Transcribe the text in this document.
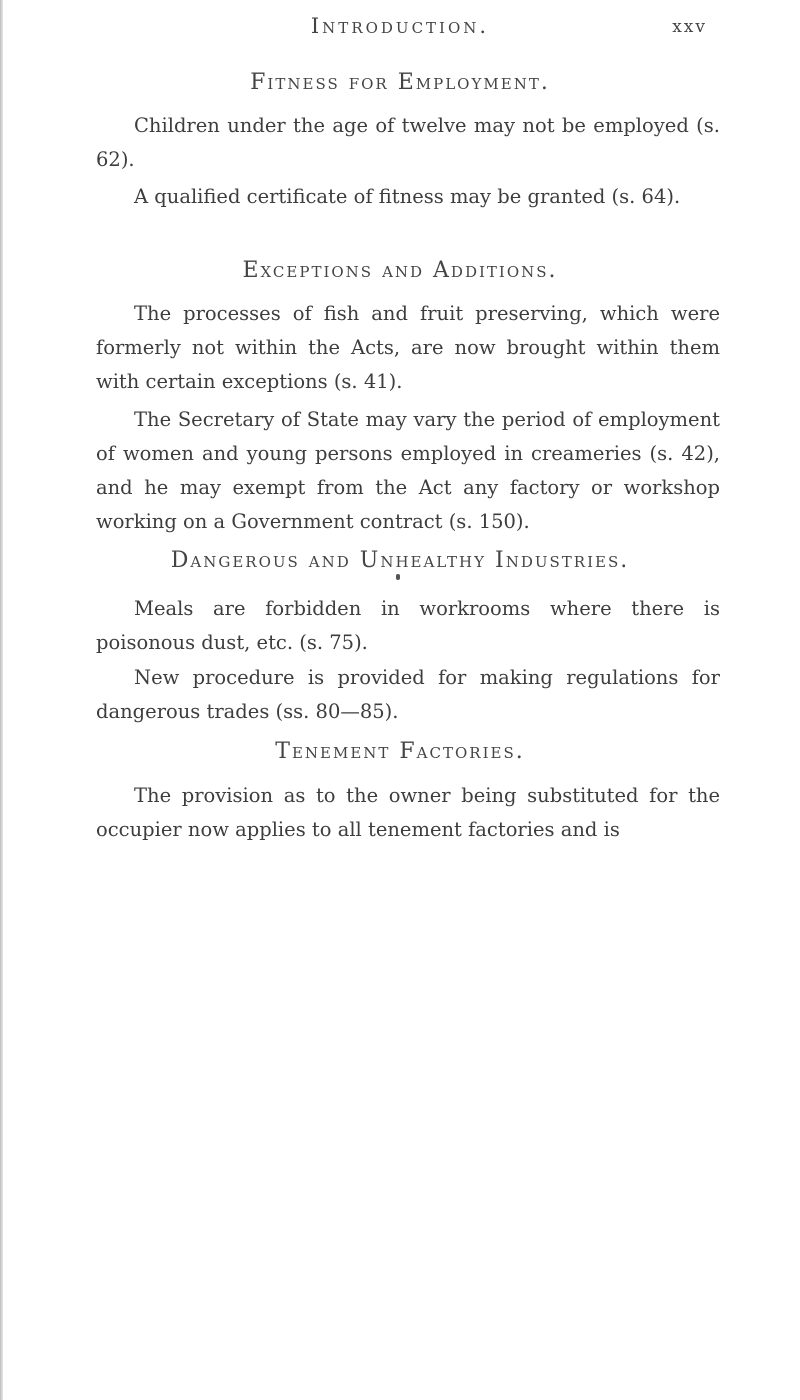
Introduction.	xxv
Fitness for Employment.

Children under the age of twelve may not be employed (s. 62).

A qualified certificate of fitness may be granted (s. 64).

Exceptions and Additions.

The processes of fish and fruit preserving, which were formerly not within the Acts, are now brought within them with certain exceptions (s. 41).

The Secretary of State may vary the period of employment of women and young persons employed in creameries (s. 42), and he may exempt from the Act any factory or workshop working on a Government contract (s. 150).

Dangerous and Unhealthy Industries.

Meals are forbidden in workrooms where there is poisonous dust, etc. (s. 75).

New procedure is provided for making regulations for dangerous trades (ss. 80—85).

Tenement Factories.

The provision as to the owner being substituted for the occupier now applies to all tenement factories and is
